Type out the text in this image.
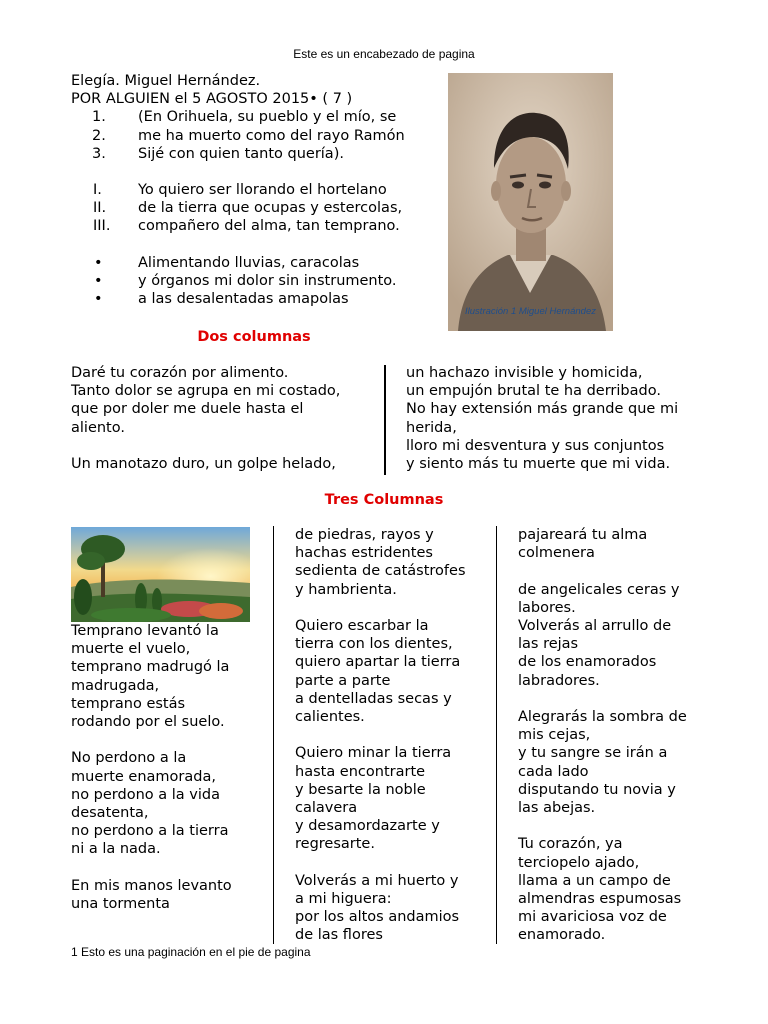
Este es un encabezado de pagina
Elegía. Miguel Hernández.
POR ALGUIEN el 5 AGOSTO 2015• ( 7 )
1. (En Orihuela, su pueblo y el mío, se
2. me ha muerto como del rayo Ramón
3. Sijé con quien tanto quería).
I. Yo quiero ser llorando el hortelano
II. de la tierra que ocupas y estercolas,
III. compañero del alma, tan temprano.
• Alimentando lluvias, caracolas
• y órganos mi dolor sin instrumento.
• a las desalentadas amapolas
Ilustración 1 Miguel Hernández
Dos columnas
Daré tu corazón por alimento.
Tanto dolor se agrupa en mi costado,
que por doler me duele hasta el
aliento.
Un manotazo duro, un golpe helado,
un hachazo invisible y homicida,
un empujón brutal te ha derribado.
No hay extensión más grande que mi
herida,
lloro mi desventura y sus conjuntos
y siento más tu muerte que mi vida.
Tres Columnas
Temprano levantó la
muerte el vuelo,
temprano madrugó la
madrugada,
temprano estás
rodando por el suelo.
No perdono a la
muerte enamorada,
no perdono a la vida
desatenta,
no perdono a la tierra
ni a la nada.
En mis manos levanto
una tormenta
de piedras, rayos y
hachas estridentes
sedienta de catástrofes
y hambrienta.
Quiero escarbar la
tierra con los dientes,
quiero apartar la tierra
parte a parte
a dentelladas secas y
calientes.
Quiero minar la tierra
hasta encontrarte
y besarte la noble
calavera
y desamordazarte y
regresarte.
Volverás a mi huerto y
a mi higuera:
por los altos andamios
de las flores
pajareará tu alma
colmenera
de angelicales ceras y
labores.
Volverás al arrullo de
las rejas
de los enamorados
labradores.
Alegrarás la sombra de
mis cejas,
y tu sangre se irán a
cada lado
disputando tu novia y
las abejas.
Tu corazón, ya
terciopelo ajado,
llama a un campo de
almendras espumosas
mi avariciosa voz de
enamorado.
1 Esto es una paginación en el pie de pagina
